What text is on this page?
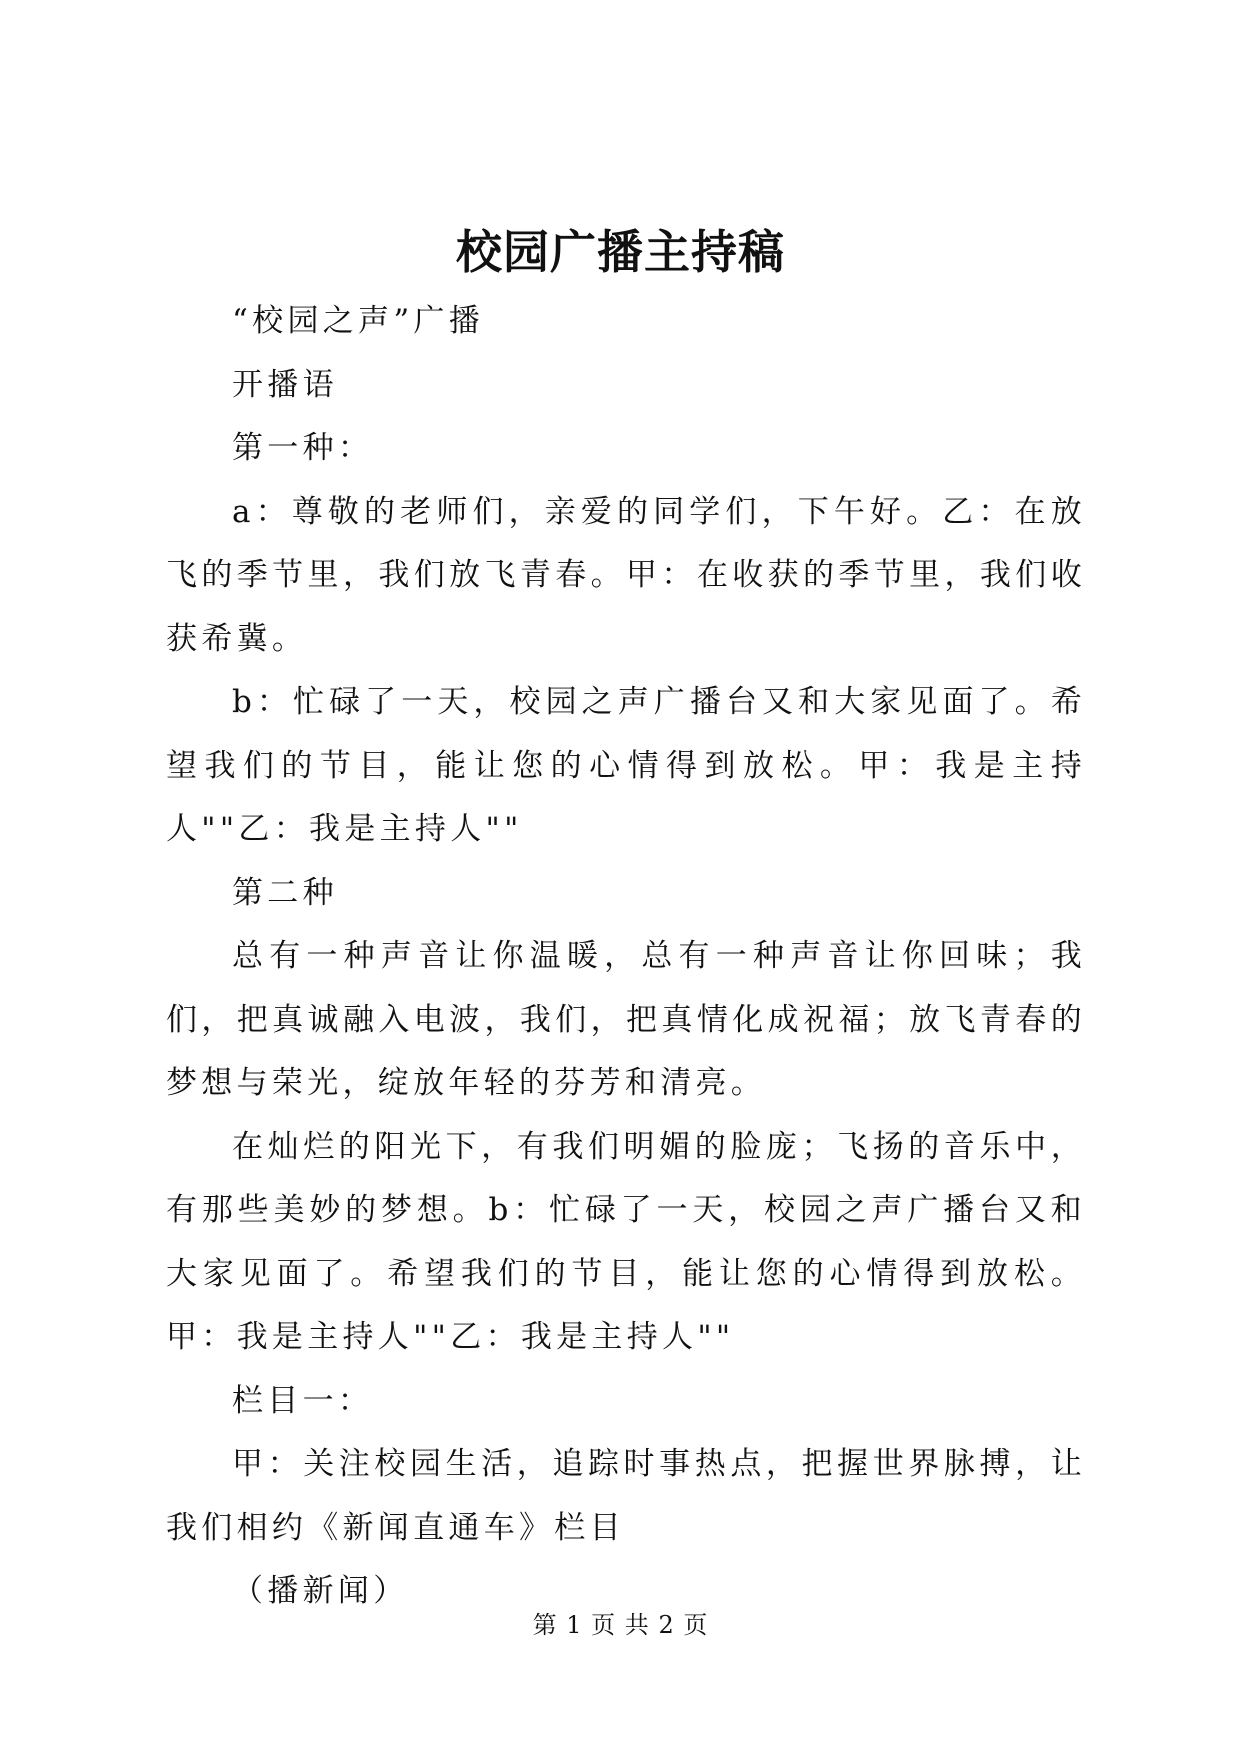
校园广播主持稿

“校园之声”广播

开播语

第一种：

a：尊敬的老师们，亲爱的同学们，下午好。乙：在放飞的季节里，我们放飞青春。甲：在收获的季节里，我们收获希冀。

b：忙碌了一天，校园之声广播台又和大家见面了。希望我们的节目，能让您的心情得到放松。甲：我是主持人""乙：我是主持人""

第二种

总有一种声音让你温暖，总有一种声音让你回味；我们，把真诚融入电波，我们，把真情化成祝福；放飞青春的梦想与荣光，绽放年轻的芬芳和清亮。

在灿烂的阳光下，有我们明媚的脸庞；飞扬的音乐中，有那些美妙的梦想。b：忙碌了一天，校园之声广播台又和大家见面了。希望我们的节目，能让您的心情得到放松。甲：我是主持人""乙：我是主持人""

栏目一：

甲：关注校园生活，追踪时事热点，把握世界脉搏，让我们相约《新闻直通车》栏目

（播新闻）

第 1 页 共 2 页
